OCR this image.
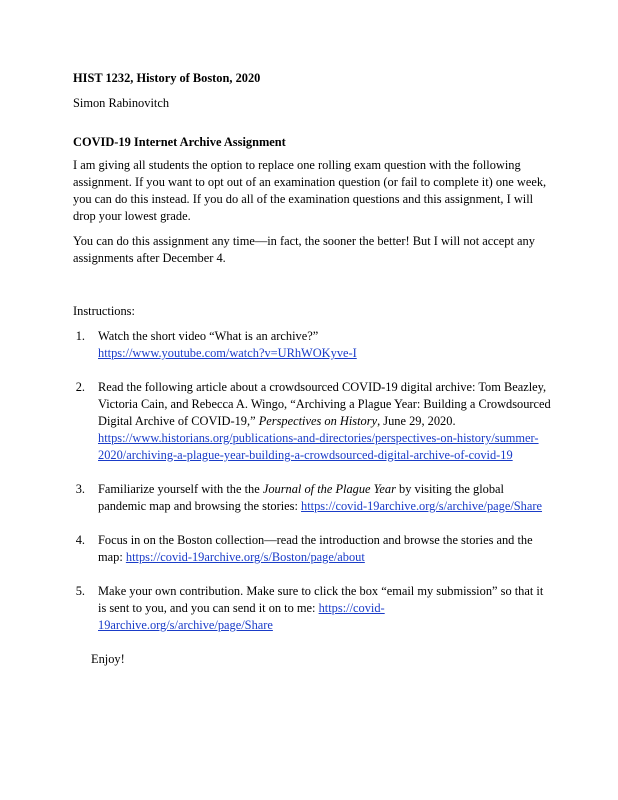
HIST 1232, History of Boston, 2020

Simon Rabinovitch

COVID-19 Internet Archive Assignment

I am giving all students the option to replace one rolling exam question with the following assignment. If you want to opt out of an examination question (or fail to complete it) one week, you can do this instead. If you do all of the examination questions and this assignment, I will drop your lowest grade.

You can do this assignment any time—in fact, the sooner the better! But I will not accept any assignments after December 4.

Instructions:

1. Watch the short video “What is an archive?”
https://www.youtube.com/watch?v=URhWOKyve-I
2. Read the following article about a crowdsourced COVID-19 digital archive: Tom Beazley, Victoria Cain, and Rebecca A. Wingo, “Archiving a Plague Year: Building a Crowdsourced Digital Archive of COVID-19,” Perspectives on History, June 29, 2020. https://www.historians.org/publications-and-directories/perspectives-on-history/summer-2020/archiving-a-plague-year-building-a-crowdsourced-digital-archive-of-covid-19
3. Familiarize yourself with the the Journal of the Plague Year by visiting the global pandemic map and browsing the stories: https://covid-19archive.org/s/archive/page/Share
4. Focus in on the Boston collection—read the introduction and browse the stories and the map: https://covid-19archive.org/s/Boston/page/about
5. Make your own contribution. Make sure to click the box “email my submission” so that it is sent to you, and you can send it on to me: https://covid-19archive.org/s/archive/page/Share

Enjoy!
